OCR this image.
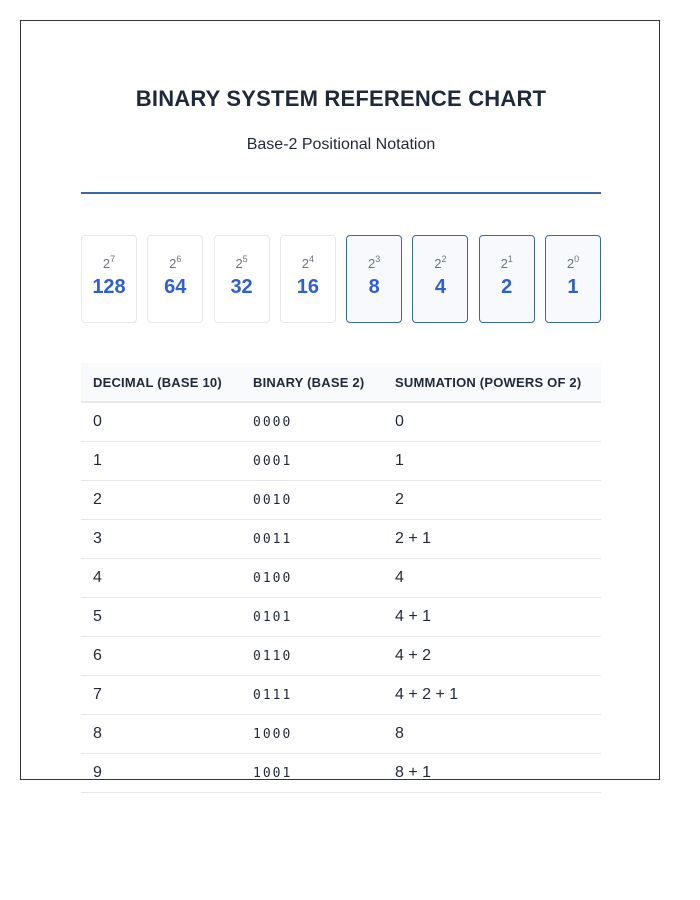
BINARY SYSTEM REFERENCE CHART
Base-2 Positional Notation
$2^7$
128
$2^6$
64
$2^5$
32
$2^4$
16
$2^3$
8
$2^2$
4
$2^1$
2
$2^0$
1
DECIMAL (BASE 10)	BINARY (BASE 2)	SUMMATION (POWERS OF 2)
0	0000	0
1	0001	1
2	0010	2
3	0011	2 + 1
4	0100	4
5	0101	4 + 1
6	0110	4 + 2
7	0111	4 + 2 + 1
8	1000	8
9	1001	8 + 1
